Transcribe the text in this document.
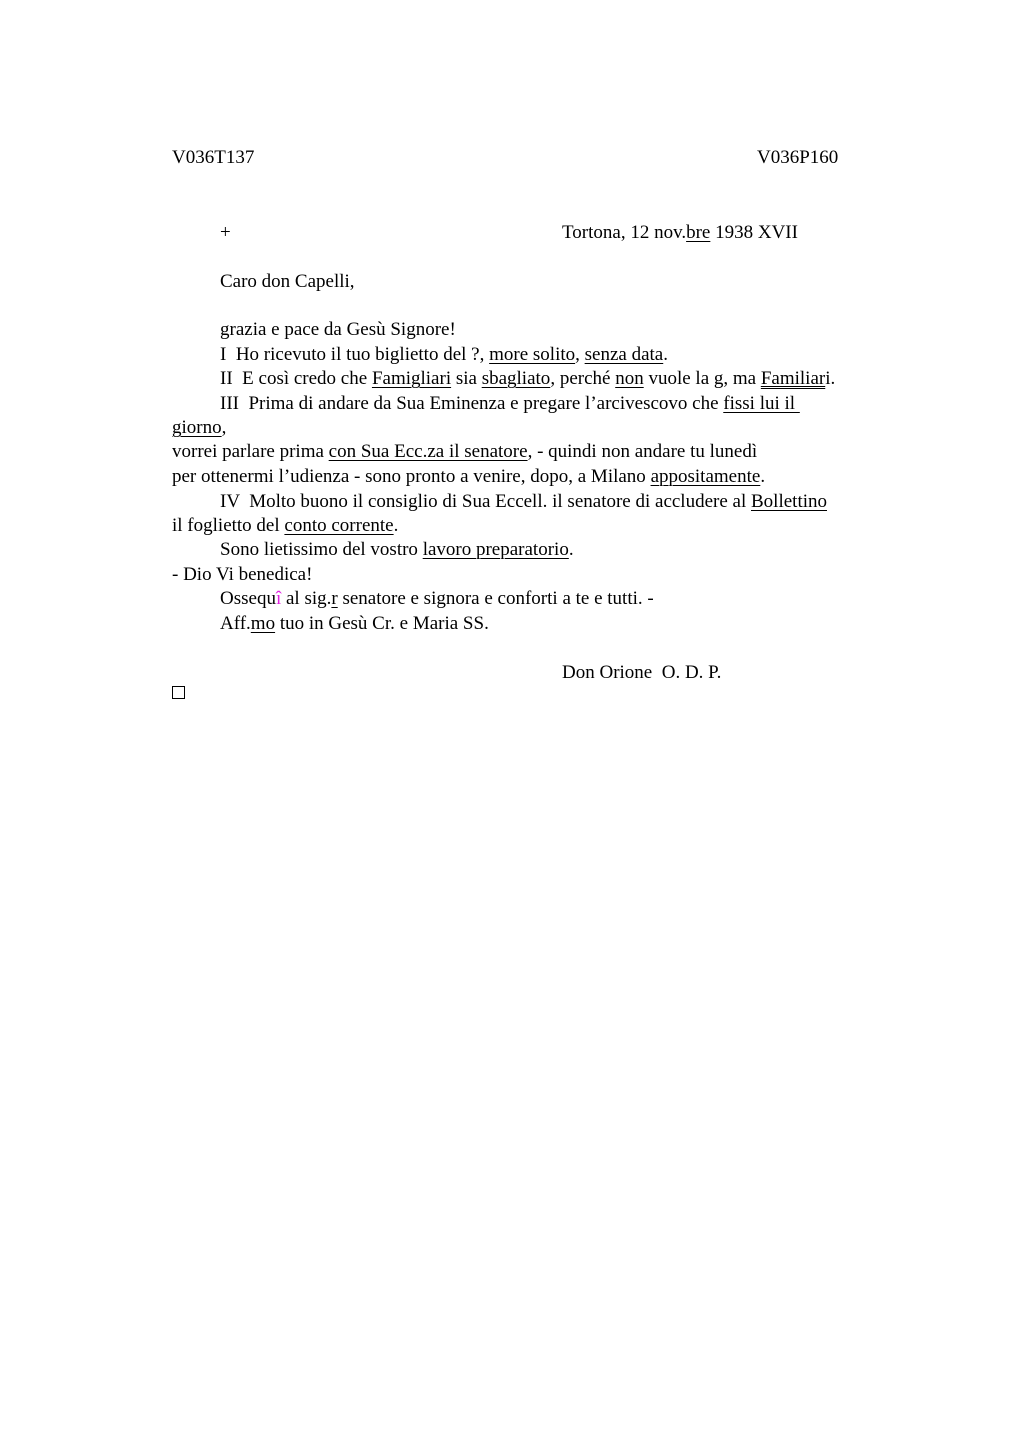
V036T137	V036P160
+	Tortona, 12 nov.bre 1938 XVII
Caro don Capelli,
grazia e pace da Gesù Signore!
I  Ho ricevuto il tuo biglietto del ?, more solito, senza data.
II  E così credo che Famigliari sia sbagliato, perché non vuole la g, ma Familiari.
III  Prima di andare da Sua Eminenza e pregare l’arcivescovo che fissi lui il
giorno,
vorrei parlare prima con Sua Ecc.za il senatore, - quindi non andare tu lunedì
per ottenermi l’udienza - sono pronto a venire, dopo, a Milano appositamente.
IV  Molto buono il consiglio di Sua Eccell. il senatore di accludere al Bollettino
il foglietto del conto corrente.
Sono lietissimo del vostro lavoro preparatorio.
- Dio Vi benedica!
Ossequî al sig.r senatore e signora e conforti a te e tutti. -
Aff.mo tuo in Gesù Cr. e Maria SS.
Don Orione  O. D. P.
